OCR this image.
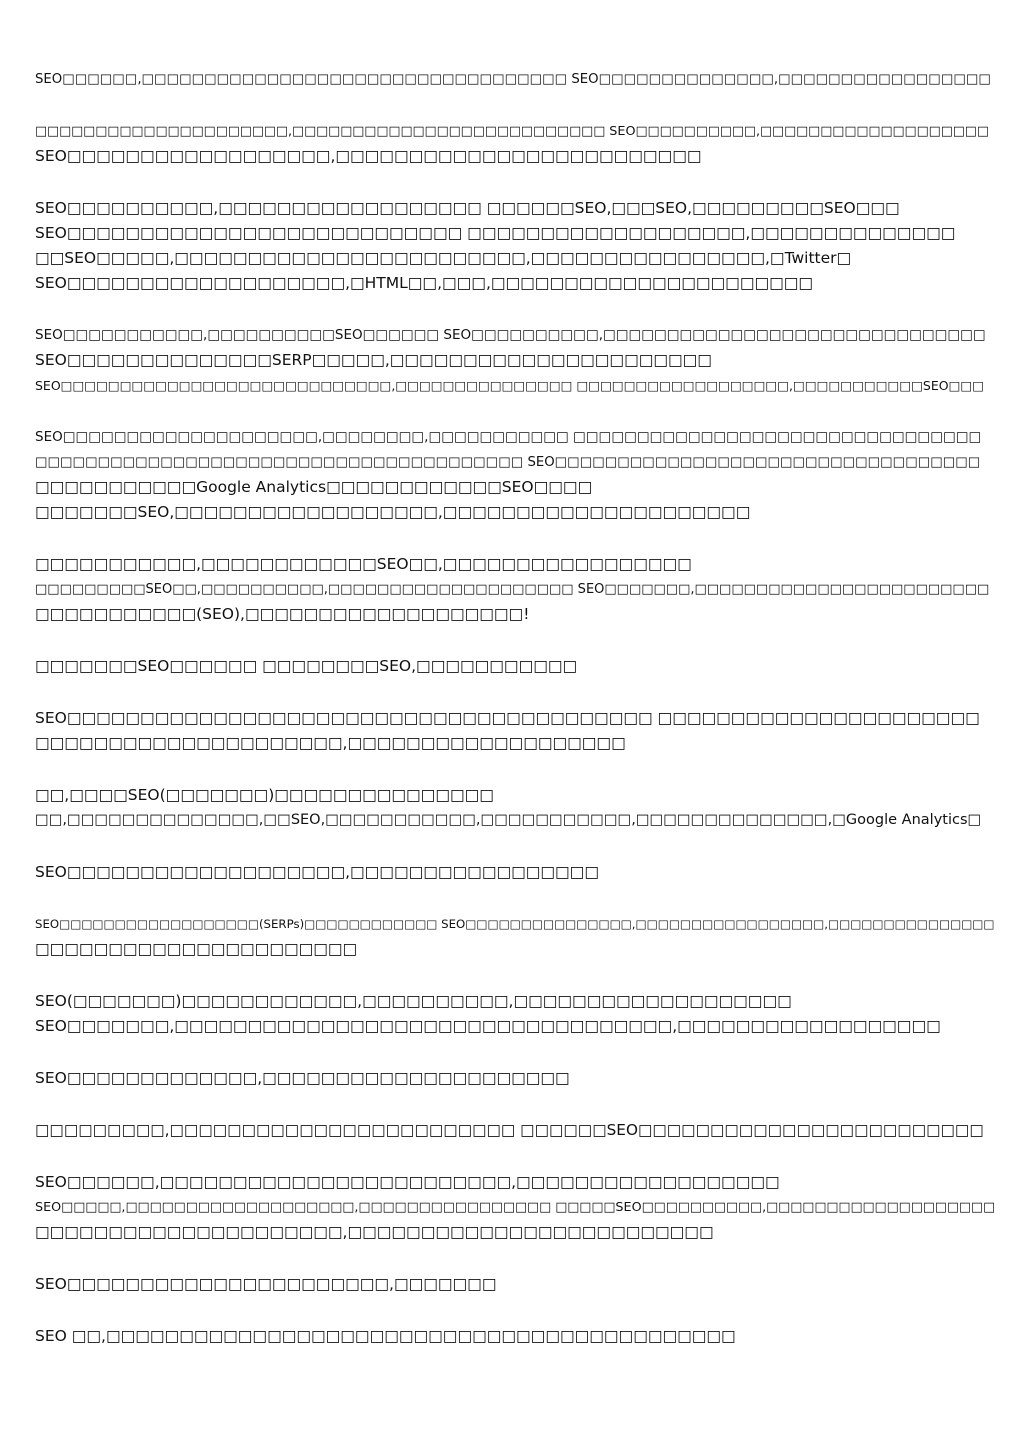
SEO□□□□□□,□□□□□□□□□□□□□□□□□□□□□□□□□□□□□□□□□□ SEO□□□□□□□□□□□□□□,□□□□□□□□□□□□□□□□□

□□□□□□□□□□□□□□□□□□□□□,□□□□□□□□□□□□□□□□□□□□□□□□□□ SEO□□□□□□□□□□,□□□□□□□□□□□□□□□□□□□
SEO□□□□□□□□□□□□□□□□□□,□□□□□□□□□□□□□□□□□□□□□□□□□

SEO□□□□□□□□□□,□□□□□□□□□□□□□□□□□□ □□□□□□SEO,□□□SEO,□□□□□□□□□SEO□□□
SEO□□□□□□□□□□□□□□□□□□□□□□□□□□□ □□□□□□□□□□□□□□□□□□□,□□□□□□□□□□□□□□
□□SEO□□□□□,□□□□□□□□□□□□□□□□□□□□□□□□,□□□□□□□□□□□□□□□□,□Twitter□
SEO□□□□□□□□□□□□□□□□□□□,□HTML□□,□□□,□□□□□□□□□□□□□□□□□□□□□□

SEO□□□□□□□□□□□,□□□□□□□□□□SEO□□□□□□ SEO□□□□□□□□□□,□□□□□□□□□□□□□□□□□□□□□□□□□□□□□□
SEO□□□□□□□□□□□□□□SERP□□□□□,□□□□□□□□□□□□□□□□□□□□□□
SEO□□□□□□□□□□□□□□□□□□□□□□□□□□□□,□□□□□□□□□□□□□□□ □□□□□□□□□□□□□□□□□□,□□□□□□□□□□□SEO□□□

SEO□□□□□□□□□□□□□□□□□□□□,□□□□□□□□,□□□□□□□□□□□ □□□□□□□□□□□□□□□□□□□□□□□□□□□□□□□□
□□□□□□□□□□□□□□□□□□□□□□□□□□□□□□□□□□□□□□□ SEO□□□□□□□□□□□□□□□□□□□□□□□□□□□□□□□□□□
□□□□□□□□□□□Google Analytics□□□□□□□□□□□□SEO□□□□
□□□□□□□SEO,□□□□□□□□□□□□□□□□□□,□□□□□□□□□□□□□□□□□□□□□

□□□□□□□□□□□,□□□□□□□□□□□□SEO□□,□□□□□□□□□□□□□□□□□
□□□□□□□□□SEO□□,□□□□□□□□□□,□□□□□□□□□□□□□□□□□□□□ SEO□□□□□□□,□□□□□□□□□□□□□□□□□□□□□□□□
□□□□□□□□□□□(SEO),□□□□□□□□□□□□□□□□□□□!

□□□□□□□SEO□□□□□□ □□□□□□□□SEO,□□□□□□□□□□□

SEO□□□□□□□□□□□□□□□□□□□□□□□□□□□□□□□□□□□□□□□□ □□□□□□□□□□□□□□□□□□□□□□
□□□□□□□□□□□□□□□□□□□□□,□□□□□□□□□□□□□□□□□□□

□□,□□□□SEO(□□□□□□□)□□□□□□□□□□□□□□□
□□,□□□□□□□□□□□□□□,□□SEO,□□□□□□□□□□□,□□□□□□□□□□□,□□□□□□□□□□□□□□,□Google Analytics□

SEO□□□□□□□□□□□□□□□□□□□,□□□□□□□□□□□□□□□□□

SEO□□□□□□□□□□□□□□□□□□(SERPs)□□□□□□□□□□□□ SEO□□□□□□□□□□□□□□□,□□□□□□□□□□□□□□□□□,□□□□□□□□□□□□□□□
□□□□□□□□□□□□□□□□□□□□□□

SEO(□□□□□□□)□□□□□□□□□□□□,□□□□□□□□□□,□□□□□□□□□□□□□□□□□□□
SEO□□□□□□□,□□□□□□□□□□□□□□□□□□□□□□□□□□□□□□□□□□,□□□□□□□□□□□□□□□□□□

SEO□□□□□□□□□□□□□,□□□□□□□□□□□□□□□□□□□□□

□□□□□□□□□,□□□□□□□□□□□□□□□□□□□□□□□□ □□□□□□SEO□□□□□□□□□□□□□□□□□□□□□□□□

SEO□□□□□□,□□□□□□□□□□□□□□□□□□□□□□□□,□□□□□□□□□□□□□□□□□□
SEO□□□□□,□□□□□□□□□□□□□□□□□□□,□□□□□□□□□□□□□□□□ □□□□□SEO□□□□□□□□□□,□□□□□□□□□□□□□□□□□□□
□□□□□□□□□□□□□□□□□□□□□,□□□□□□□□□□□□□□□□□□□□□□□□□

SEO□□□□□□□□□□□□□□□□□□□□□□,□□□□□□□

SEO □□,□□□□□□□□□□□□□□□□□□□□□□□□□□□□□□□□□□□□□□□□□□□
